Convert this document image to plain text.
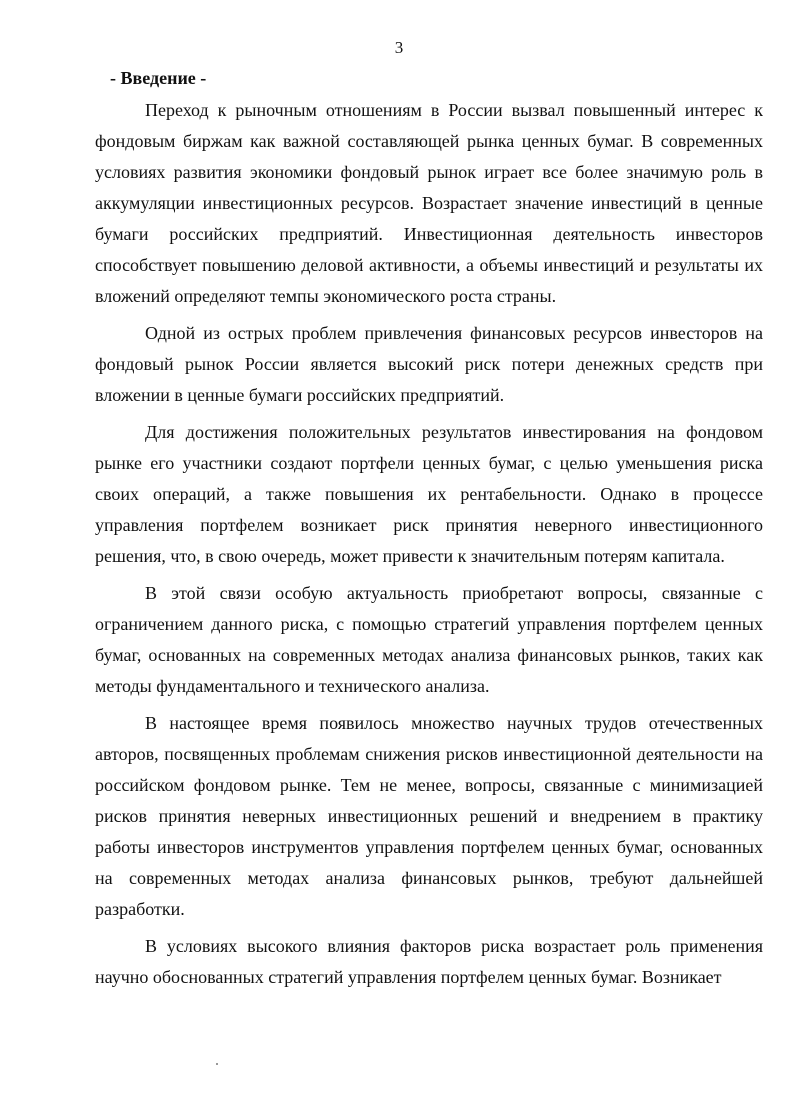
3
- Введение -

Переход к рыночным отношениям в России вызвал повышенный интерес к фондовым биржам как важной составляющей рынка ценных бумаг. В современных условиях развития экономики фондовый рынок играет все более значимую роль в аккумуляции инвестиционных ресурсов. Возрастает значение инвестиций в ценные бумаги российских предприятий. Инвестиционная деятельность инвесторов способствует повышению деловой активности, а объемы инвестиций и результаты их вложений определяют темпы экономического роста страны.

Одной из острых проблем привлечения финансовых ресурсов инвесторов на фондовый рынок России является высокий риск потери денежных средств при вложении в ценные бумаги российских предприятий.

Для достижения положительных результатов инвестирования на фондовом рынке его участники создают портфели ценных бумаг, с целью уменьшения риска своих операций, а также повышения их рентабельности. Однако в процессе управления портфелем возникает риск принятия неверного инвестиционного решения, что, в свою очередь, может привести к значительным потерям капитала.

В этой связи особую актуальность приобретают вопросы, связанные с ограничением данного риска, с помощью стратегий управления портфелем ценных бумаг, основанных на современных методах анализа финансовых рынков, таких как методы фундаментального и технического анализа.

В настоящее время появилось множество научных трудов отечественных авторов, посвященных проблемам снижения рисков инвестиционной деятельности на российском фондовом рынке. Тем не менее, вопросы, связанные с минимизацией рисков принятия неверных инвестиционных решений и внедрением в практику работы инвесторов инструментов управления портфелем ценных бумаг, основанных на современных методах анализа финансовых рынков, требуют дальнейшей разработки.

В условиях высокого влияния факторов риска возрастает роль применения научно обоснованных стратегий управления портфелем ценных бумаг. Возникает
